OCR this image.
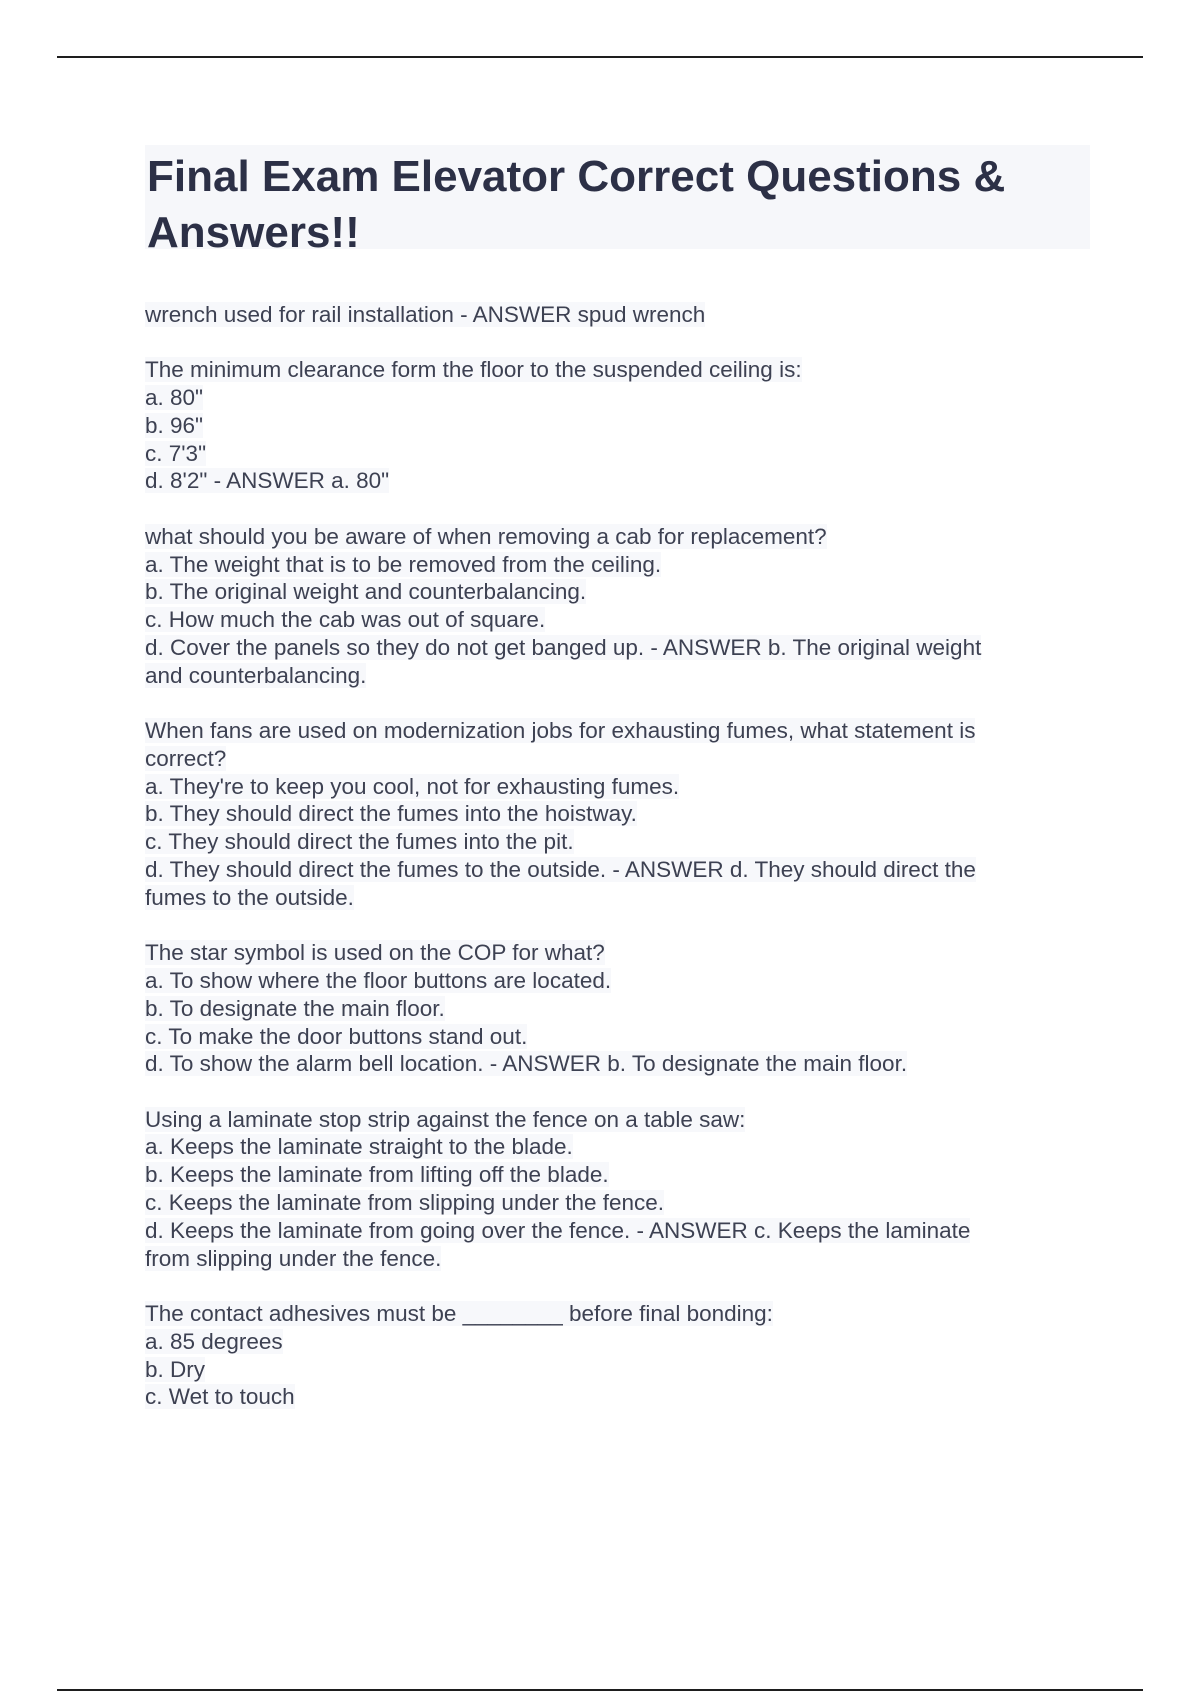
Final Exam Elevator Correct Questions & Answers!!
wrench used for rail installation - ANSWER spud wrench
The minimum clearance form the floor to the suspended ceiling is:
a. 80"
b. 96"
c. 7'3"
d. 8'2" - ANSWER a. 80"
what should you be aware of when removing a cab for replacement?
a. The weight that is to be removed from the ceiling.
b. The original weight and counterbalancing.
c. How much the cab was out of square.
d. Cover the panels so they do not get banged up. - ANSWER b. The original weight
and counterbalancing.
When fans are used on modernization jobs for exhausting fumes, what statement is
correct?
a. They're to keep you cool, not for exhausting fumes.
b. They should direct the fumes into the hoistway.
c. They should direct the fumes into the pit.
d. They should direct the fumes to the outside. - ANSWER d. They should direct the
fumes to the outside.
The star symbol is used on the COP for what?
a. To show where the floor buttons are located.
b. To designate the main floor.
c. To make the door buttons stand out.
d. To show the alarm bell location. - ANSWER b. To designate the main floor.
Using a laminate stop strip against the fence on a table saw:
a. Keeps the laminate straight to the blade.
b. Keeps the laminate from lifting off the blade.
c. Keeps the laminate from slipping under the fence.
d. Keeps the laminate from going over the fence. - ANSWER c. Keeps the laminate
from slipping under the fence.
The contact adhesives must be ________ before final bonding:
a. 85 degrees
b. Dry
c. Wet to touch
